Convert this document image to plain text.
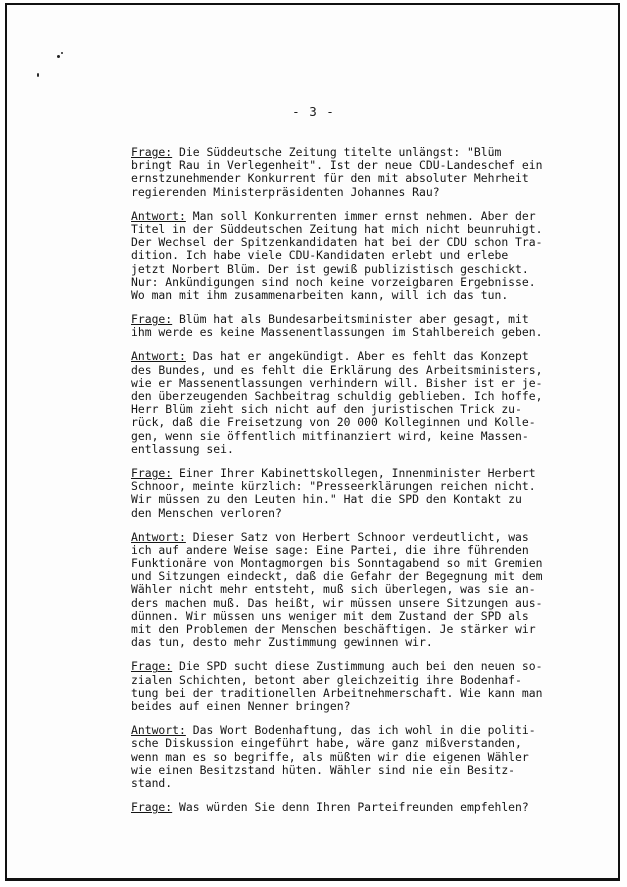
- 3 -
Frage: Die Süddeutsche Zeitung titelte unlängst: "Blüm
bringt Rau in Verlegenheit". Ist der neue CDU-Landeschef ein
ernstzunehmender Konkurrent für den mit absoluter Mehrheit
regierenden Ministerpräsidenten Johannes Rau?
Antwort: Man soll Konkurrenten immer ernst nehmen. Aber der
Titel in der Süddeutschen Zeitung hat mich nicht beunruhigt.
Der Wechsel der Spitzenkandidaten hat bei der CDU schon Tra-
dition. Ich habe viele CDU-Kandidaten erlebt und erlebe
jetzt Norbert Blüm. Der ist gewiß publizistisch geschickt.
Nur: Ankündigungen sind noch keine vorzeigbaren Ergebnisse.
Wo man mit ihm zusammenarbeiten kann, will ich das tun.
Frage: Blüm hat als Bundesarbeitsminister aber gesagt, mit
ihm werde es keine Massenentlassungen im Stahlbereich geben.
Antwort: Das hat er angekündigt. Aber es fehlt das Konzept
des Bundes, und es fehlt die Erklärung des Arbeitsministers,
wie er Massenentlassungen verhindern will. Bisher ist er je-
den überzeugenden Sachbeitrag schuldig geblieben. Ich hoffe,
Herr Blüm zieht sich nicht auf den juristischen Trick zu-
rück, daß die Freisetzung von 20 000 Kolleginnen und Kolle-
gen, wenn sie öffentlich mitfinanziert wird, keine Massen-
entlassung sei.
Frage: Einer Ihrer Kabinettskollegen, Innenminister Herbert
Schnoor, meinte kürzlich: "Presseerklärungen reichen nicht.
Wir müssen zu den Leuten hin." Hat die SPD den Kontakt zu
den Menschen verloren?
Antwort: Dieser Satz von Herbert Schnoor verdeutlicht, was
ich auf andere Weise sage: Eine Partei, die ihre führenden
Funktionäre von Montagmorgen bis Sonntagabend so mit Gremien
und Sitzungen eindeckt, daß die Gefahr der Begegnung mit dem
Wähler nicht mehr entsteht, muß sich überlegen, was sie an-
ders machen muß. Das heißt, wir müssen unsere Sitzungen aus-
dünnen. Wir müssen uns weniger mit dem Zustand der SPD als
mit den Problemen der Menschen beschäftigen. Je stärker wir
das tun, desto mehr Zustimmung gewinnen wir.
Frage: Die SPD sucht diese Zustimmung auch bei den neuen so-
zialen Schichten, betont aber gleichzeitig ihre Bodenhaf-
tung bei der traditionellen Arbeitnehmerschaft. Wie kann man
beides auf einen Nenner bringen?
Antwort: Das Wort Bodenhaftung, das ich wohl in die politi-
sche Diskussion eingeführt habe, wäre ganz mißverstanden,
wenn man es so begriffe, als müßten wir die eigenen Wähler
wie einen Besitzstand hüten. Wähler sind nie ein Besitz-
stand.
Frage: Was würden Sie denn Ihren Parteifreunden empfehlen?
